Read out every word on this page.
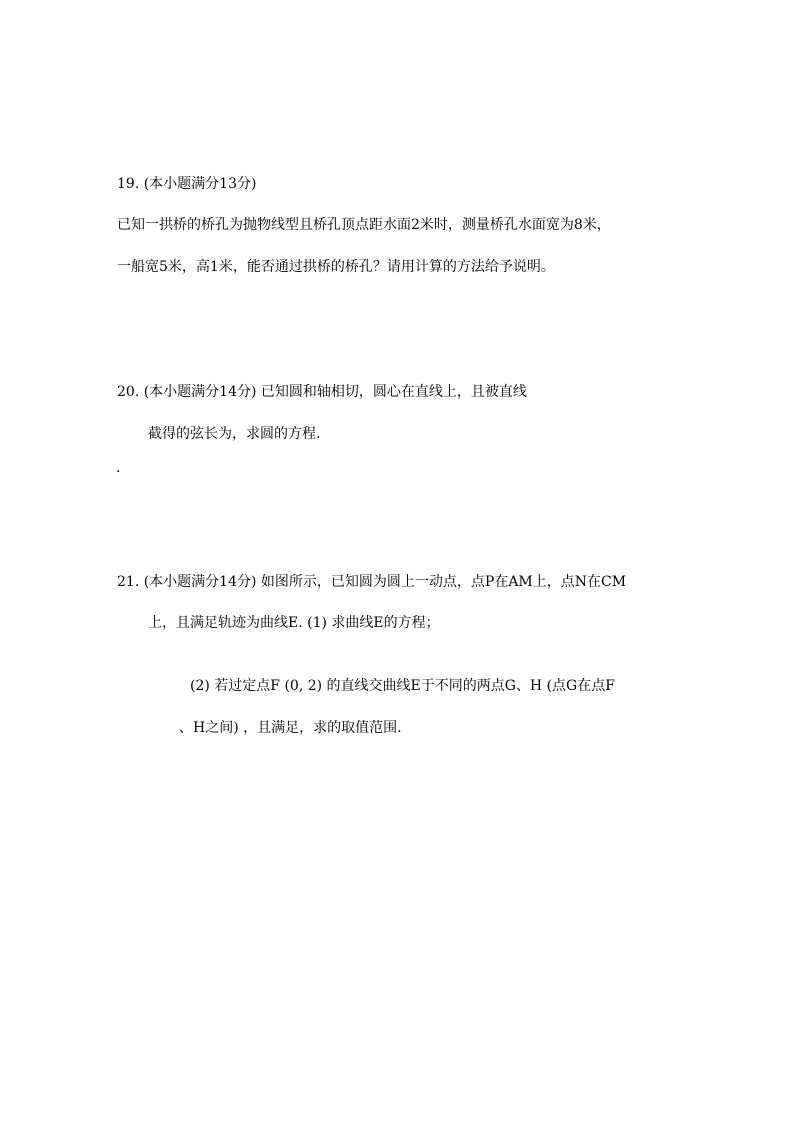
19. (本小题满分13分)
已知一拱桥的桥孔为抛物线型且桥孔顶点距水面2米时，测量桥孔水面宽为8米，
一船宽5米，高1米，能否通过拱桥的桥孔？请用计算的方法给予说明。
20. (本小题满分14分) 已知圆和轴相切，圆心在直线上，且被直线
截得的弦长为，求圆的方程.
.
21. (本小题满分14分) 如图所示，已知圆为圆上一动点，点P在AM上，点N在CM
上，且满足轨迹为曲线E. (1) 求曲线E的方程；
(2) 若过定点F (0, 2) 的直线交曲线E于不同的两点G、H (点G在点F
、H之间) ，且满足，求的取值范围.
